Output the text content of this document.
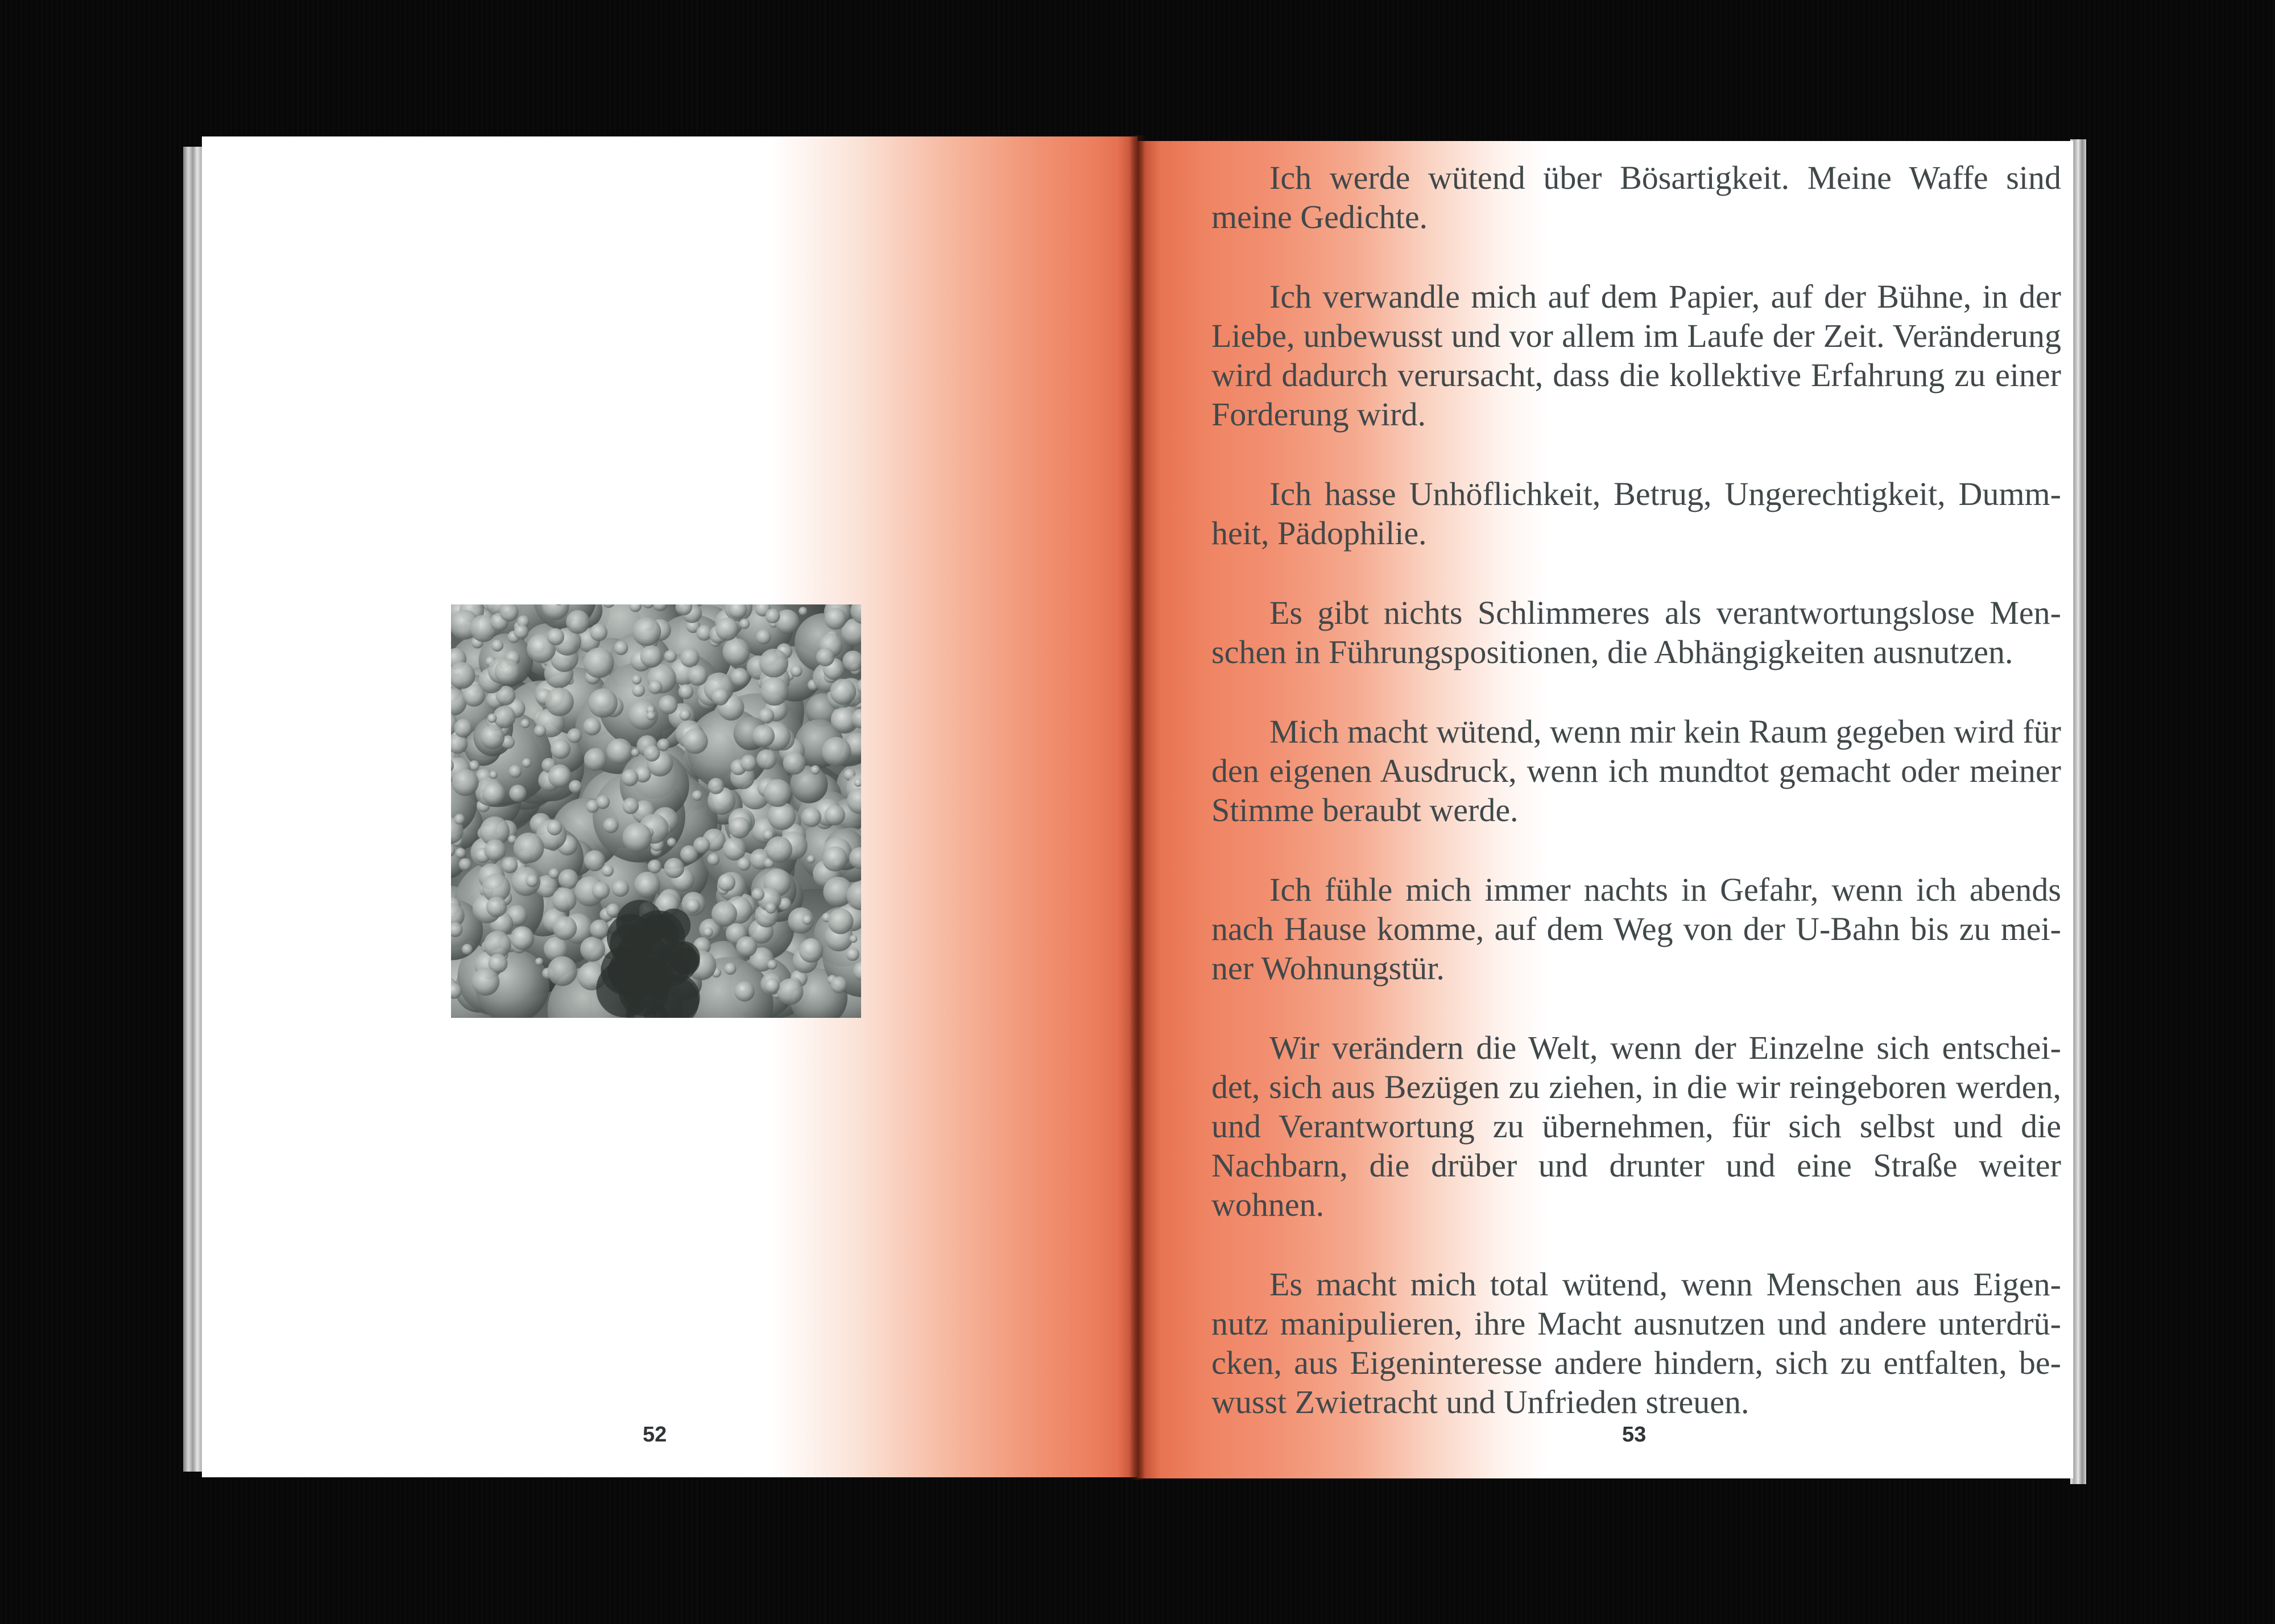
Ich werde wütend über Bösartigkeit. Meine Waffe sind meine Gedichte.

Ich verwandle mich auf dem Papier, auf der Bühne, in der Liebe, unbewusst und vor allem im Laufe der Zeit. Veränderung wird dadurch verursacht, dass die kollektive Erfahrung zu einer Forderung wird.

Ich hasse Unhöflichkeit, Betrug, Ungerechtigkeit, Dummheit, Pädophilie.

Es gibt nichts Schlimmeres als verantwortungslose Menschen in Führungspositionen, die Abhängigkeiten ausnutzen.

Mich macht wütend, wenn mir kein Raum gegeben wird für den eigenen Ausdruck, wenn ich mundtot gemacht oder meiner Stimme beraubt werde.

Ich fühle mich immer nachts in Gefahr, wenn ich abends nach Hause komme, auf dem Weg von der U-Bahn bis zu meiner Wohnungstür.

Wir verändern die Welt, wenn der Einzelne sich entscheidet, sich aus Bezügen zu ziehen, in die wir reingeboren werden, und Verantwortung zu übernehmen, für sich selbst und die Nachbarn, die drüber und drunter und eine Straße weiter wohnen.

Es macht mich total wütend, wenn Menschen aus Eigennutz manipulieren, ihre Macht ausnutzen und andere unterdrücken, aus Eigeninteresse andere hindern, sich zu entfalten, bewusst Zwietracht und Unfrieden streuen.

52	53
